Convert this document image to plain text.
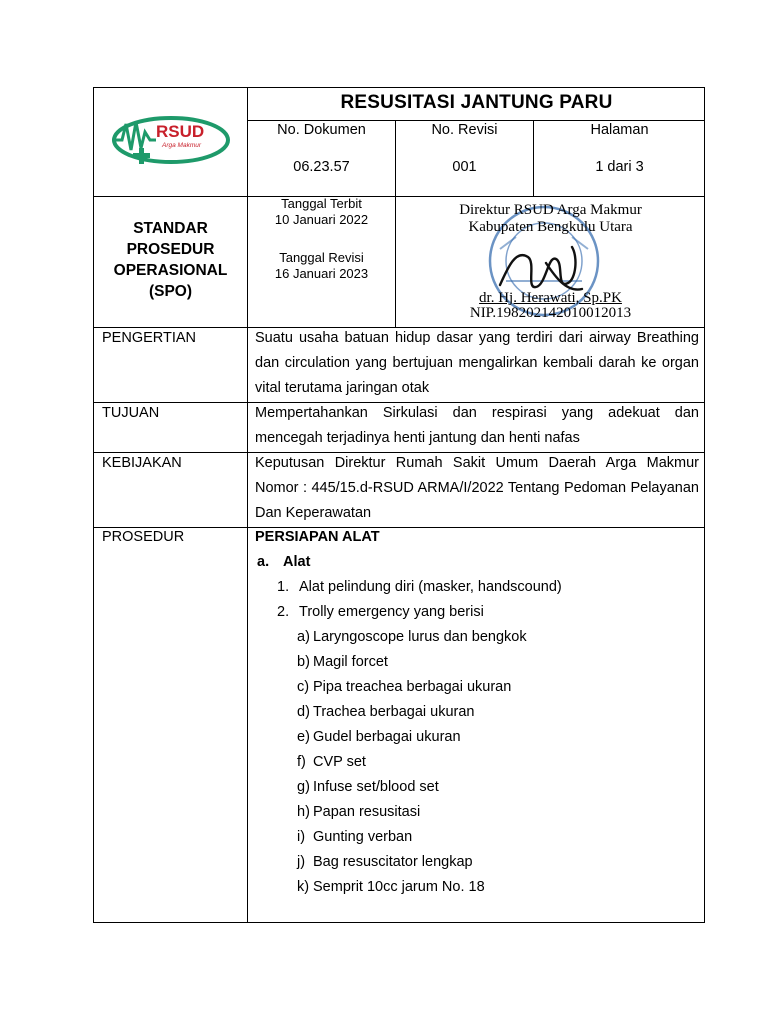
RSUD
Arga Makmur
RESUSITASI JANTUNG PARU
No. Dokumen
06.23.57
No. Revisi
001
Halaman
1 dari 3
STANDAR
PROSEDUR
OPERASIONAL
(SPO)
Tanggal Terbit
10 Januari 2022
Tanggal Revisi
16 Januari 2023
Direktur RSUD Arga Makmur
Kabupaten Bengkulu Utara
dr. Hj. Herawati, Sp.PK
NIP.198202142010012013
PENGERTIAN
TUJUAN
KEBIJAKAN
PROSEDUR
Suatu usaha batuan hidup dasar yang terdiri dari airway Breathing dan circulation yang bertujuan mengalirkan kembali darah ke organ vital terutama jaringan otak
Mempertahankan Sirkulasi dan respirasi yang adekuat dan mencegah terjadinya henti jantung dan henti nafas
Keputusan Direktur Rumah Sakit Umum Daerah Arga Makmur Nomor : 445/15.d-RSUD ARMA/I/2022 Tentang Pedoman Pelayanan Dan Keperawatan
PERSIAPAN ALAT
a. Alat
1. Alat pelindung diri (masker, handscound)
2. Trolly emergency yang berisi
a) Laryngoscope lurus dan bengkok
b) Magil forcet
c) Pipa treachea berbagai ukuran
d) Trachea berbagai ukuran
e) Gudel berbagai ukuran
f) CVP set
g) Infuse set/blood set
h) Papan resusitasi
i) Gunting verban
j) Bag resuscitator lengkap
k) Semprit 10cc jarum No. 18
